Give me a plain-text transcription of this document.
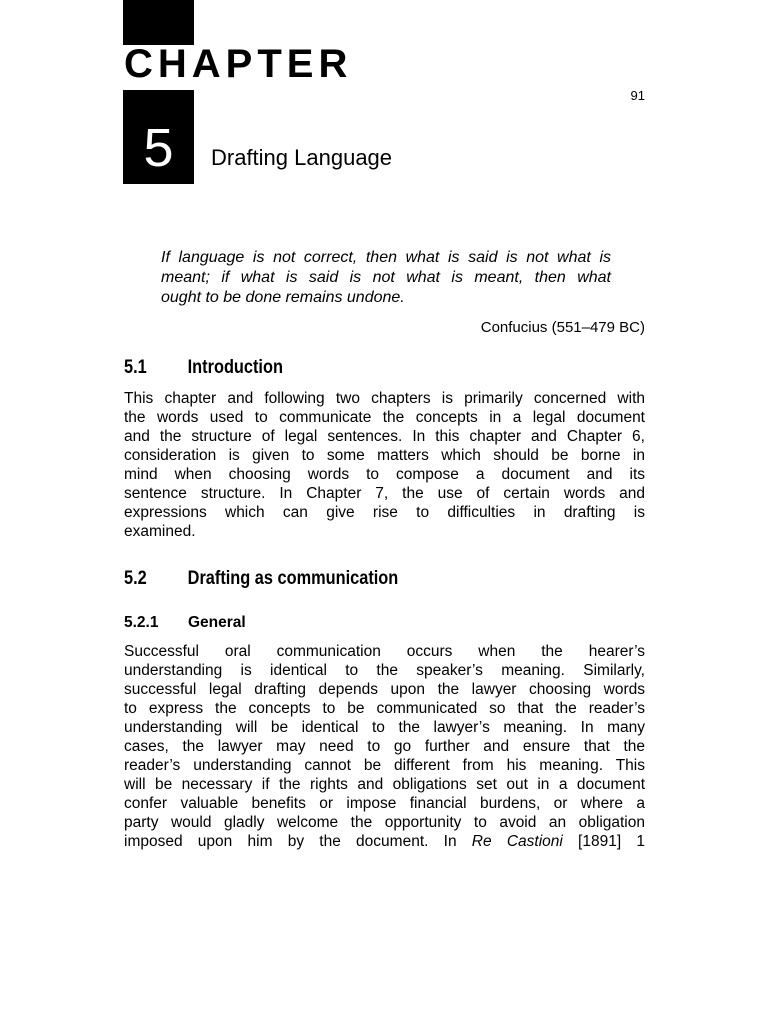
CHAPTER
91
5	Drafting Language
If language is not correct, then what is said is not what is
meant; if what is said is not what is meant, then what
ought to be done remains undone.
Confucius (551–479 BC)
5.1 Introduction
This chapter and following two chapters is primarily concerned with
the words used to communicate the concepts in a legal document
and the structure of legal sentences. In this chapter and Chapter 6,
consideration is given to some matters which should be borne in
mind when choosing words to compose a document and its
sentence structure. In Chapter 7, the use of certain words and
expressions which can give rise to difficulties in drafting is
examined.
5.2 Drafting as communication
5.2.1 General
Successful oral communication occurs when the hearer’s
understanding is identical to the speaker’s meaning. Similarly,
successful legal drafting depends upon the lawyer choosing words
to express the concepts to be communicated so that the reader’s
understanding will be identical to the lawyer’s meaning. In many
cases, the lawyer may need to go further and ensure that the
reader’s understanding cannot be different from his meaning. This
will be necessary if the rights and obligations set out in a document
confer valuable benefits or impose financial burdens, or where a
party would gladly welcome the opportunity to avoid an obligation
imposed upon him by the document. In Re Castioni [1891] 1
